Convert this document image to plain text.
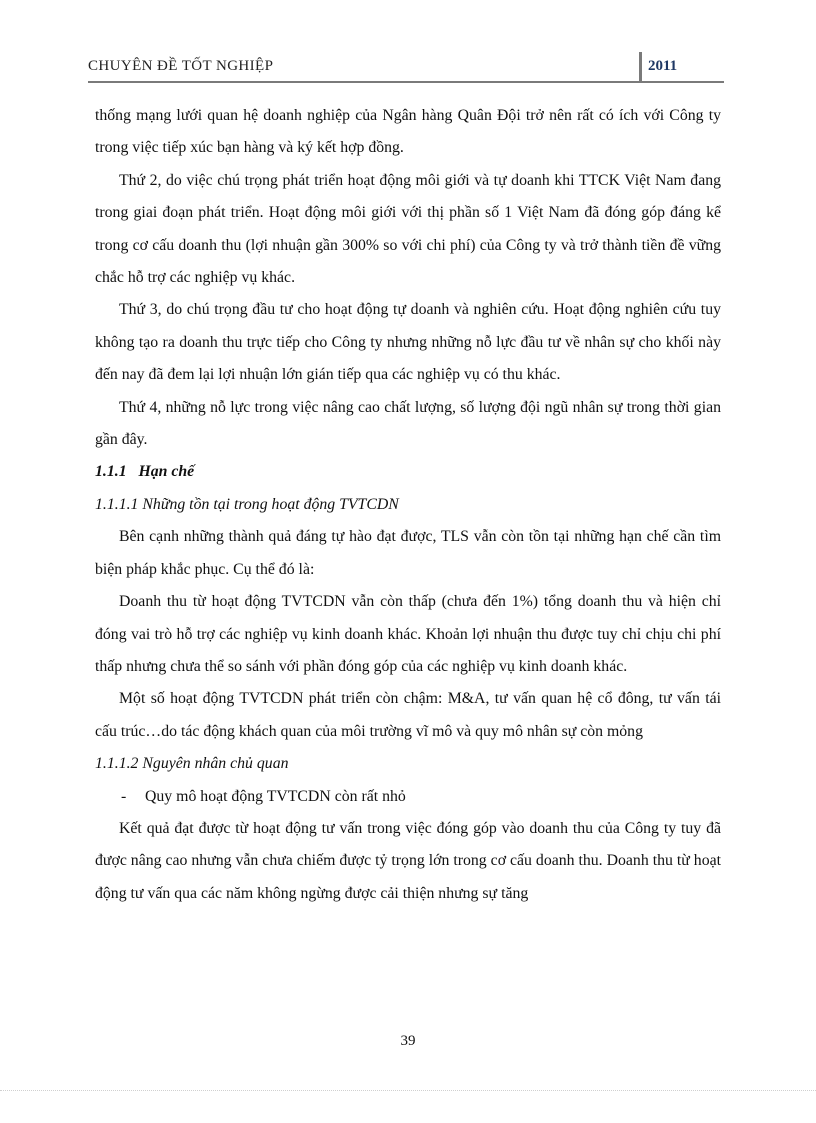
CHUYÊN ĐỀ TỐT NGHIỆP	2011

thống mạng lưới quan hệ doanh nghiệp của Ngân hàng Quân Đội trở nên rất có ích với Công ty trong việc tiếp xúc bạn hàng và ký kết hợp đồng.

Thứ 2, do việc chú trọng phát triển hoạt động môi giới và tự doanh khi TTCK Việt Nam đang trong giai đoạn phát triển. Hoạt động môi giới với thị phần số 1 Việt Nam đã đóng góp đáng kể trong cơ cấu doanh thu (lợi nhuận gần 300% so với chi phí) của Công ty và trở thành tiền đề vững chắc hỗ trợ các nghiệp vụ khác.

Thứ 3, do chú trọng đầu tư cho hoạt động tự doanh và nghiên cứu. Hoạt động nghiên cứu tuy không tạo ra doanh thu trực tiếp cho Công ty nhưng những nỗ lực đầu tư về nhân sự cho khối này đến nay đã đem lại lợi nhuận lớn gián tiếp qua các nghiệp vụ có thu khác.

Thứ 4, những nỗ lực trong việc nâng cao chất lượng, số lượng đội ngũ nhân sự trong thời gian gần đây.

1.1.1   Hạn chế

1.1.1.1 Những tồn tại trong hoạt động TVTCDN

Bên cạnh những thành quả đáng tự hào đạt được, TLS vẫn còn tồn tại những hạn chế cần tìm biện pháp khắc phục. Cụ thể đó là:

Doanh thu từ hoạt động TVTCDN vẫn còn thấp (chưa đến 1%) tổng doanh thu và hiện chỉ đóng vai trò hỗ trợ các nghiệp vụ kinh doanh khác. Khoản lợi nhuận thu được tuy chỉ chịu chi phí thấp nhưng chưa thể so sánh với phần đóng góp của các nghiệp vụ kinh doanh khác.

Một số hoạt động TVTCDN phát triển còn chậm: M&A, tư vấn quan hệ cổ đông, tư vấn tái cấu trúc…do tác động khách quan của môi trường vĩ mô và quy mô nhân sự còn mỏng

1.1.1.2 Nguyên nhân chủ quan

- Quy mô hoạt động TVTCDN còn rất nhỏ

Kết quả đạt được từ hoạt động tư vấn trong việc đóng góp vào doanh thu của Công ty tuy đã được nâng cao nhưng vẫn chưa chiếm được tỷ trọng lớn trong cơ cấu doanh thu. Doanh thu từ hoạt động tư vấn qua các năm không ngừng được cải thiện nhưng sự tăng

39
